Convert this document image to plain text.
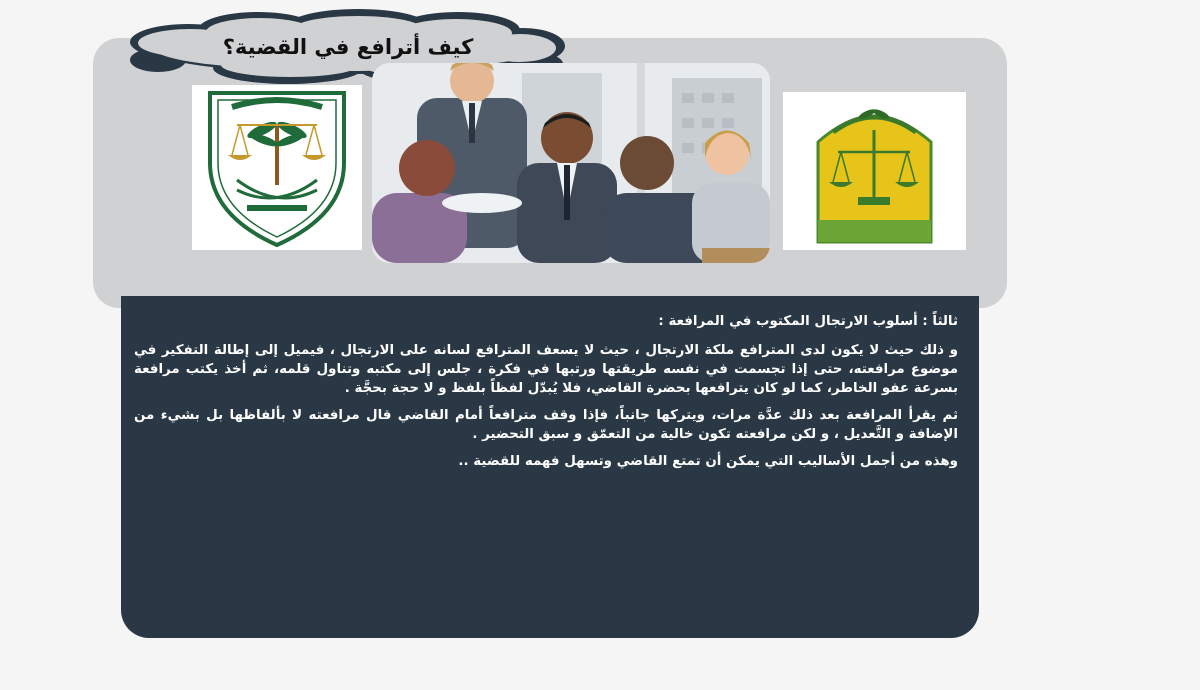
كيف أترافع في القضية؟

ثالثاً : أسلوب الارتجال المكتوب في المرافعة :

و ذلك حيث لا يكون لدى المترافع ملكة الارتجال ، حيث لا يسعف المترافع لسانه على الارتجال ، فيميل إلى إطالة التفكير في موضوع مرافعته، حتى إذا تجسمت في نفسه طريقتها ورتبها في فكرة ، جلس إلى مكتبه وتناول قلمه، ثم أخذ يكتب مرافعة بسرعة عفو الخاطر، كما لو كان يترافعها بحضرة القاضي، فلا يُبدّل لفظاً بلفظ و لا حجة بحجَّة .

ثم يقرأ المرافعة بعد ذلك عدَّة مرات، ويتركها جانباً، فإذا وقف مترافعاً أمام القاضي قال مرافعته لا بألفاظها بل بشيء من الإضافة و التَّعديل ، و لكن مرافعته تكون خالية من التعمّق و سبق التحضير .

وهذه من أجمل الأساليب التي يمكن أن تمتع القاضي وتسهل فهمه للقضية ..
